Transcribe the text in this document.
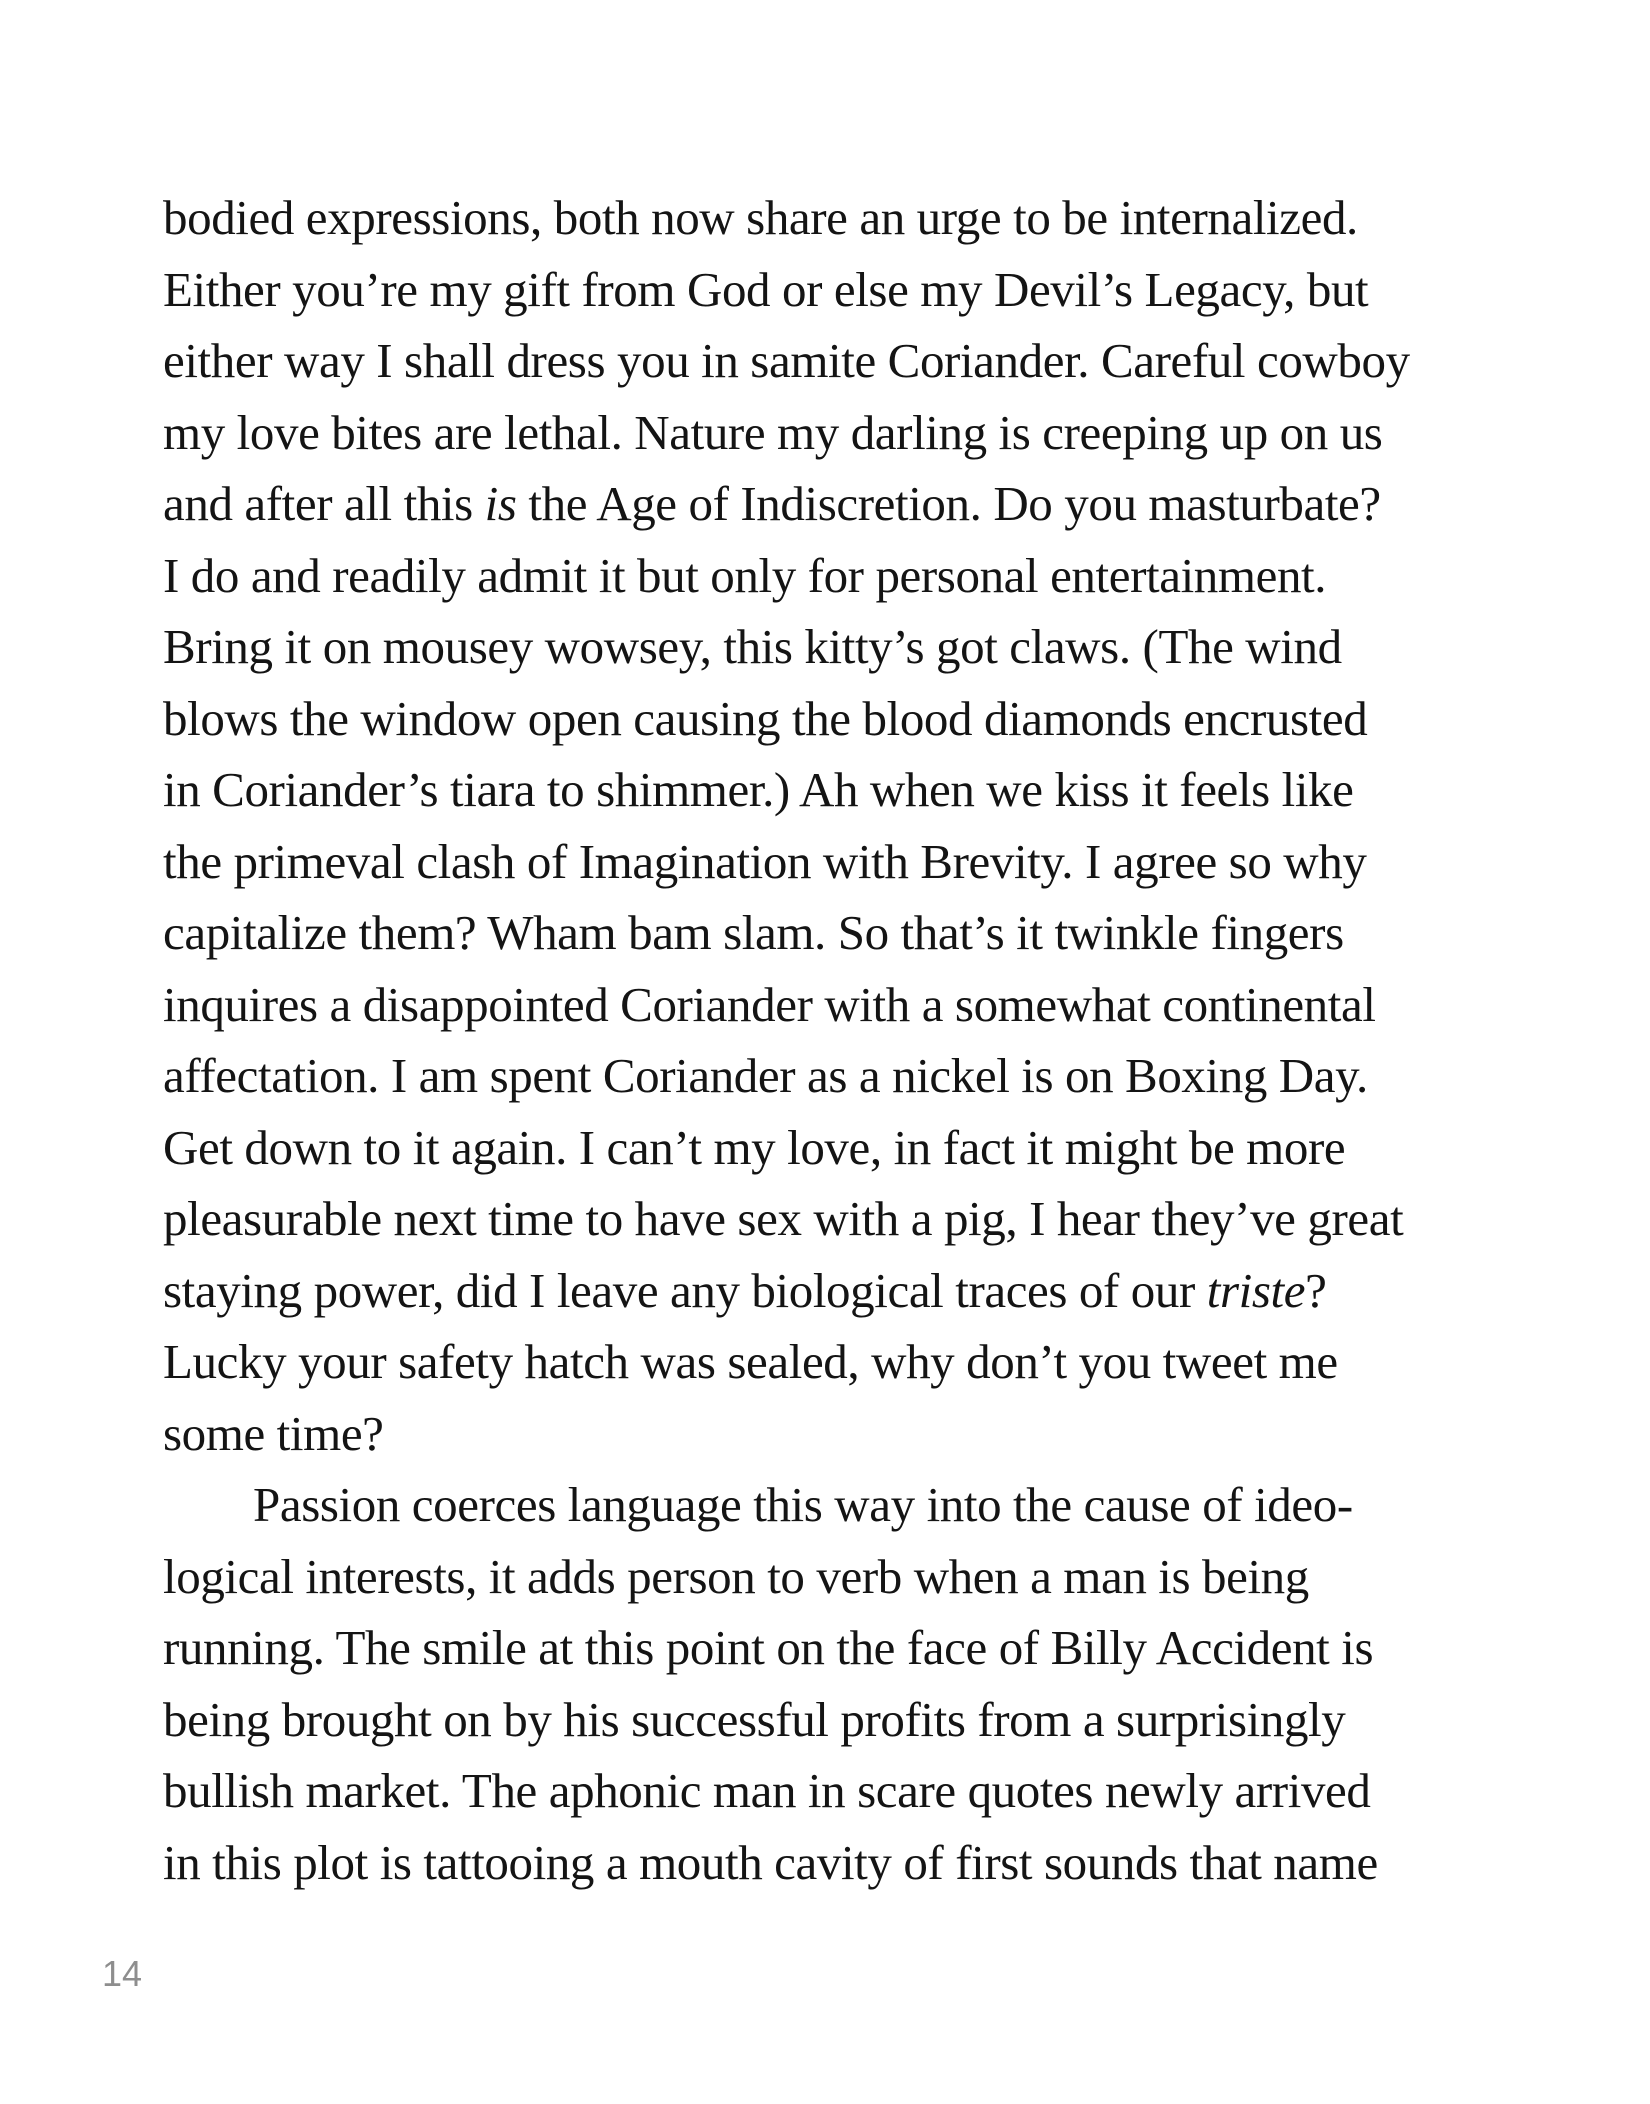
bodied expressions, both now share an urge to be internalized.
Either you’re my gift from God or else my Devil’s Legacy, but
either way I shall dress you in samite Coriander. Careful cowboy
my love bites are lethal. Nature my darling is creeping up on us
and after all this is the Age of Indiscretion. Do you masturbate?
I do and readily admit it but only for personal entertainment.
Bring it on mousey wowsey, this kitty’s got claws. (The wind
blows the window open causing the blood diamonds encrusted
in Coriander’s tiara to shimmer.) Ah when we kiss it feels like
the primeval clash of Imagination with Brevity. I agree so why
capitalize them? Wham bam slam. So that’s it twinkle fingers
inquires a disappointed Coriander with a somewhat continental
affectation. I am spent Coriander as a nickel is on Boxing Day.
Get down to it again. I can’t my love, in fact it might be more
pleasurable next time to have sex with a pig, I hear they’ve great
staying power, did I leave any biological traces of our triste?
Lucky your safety hatch was sealed, why don’t you tweet me
some time?
Passion coerces language this way into the cause of ideo-
logical interests, it adds person to verb when a man is being
running. The smile at this point on the face of Billy Accident is
being brought on by his successful profits from a surprisingly
bullish market. The aphonic man in scare quotes newly arrived
in this plot is tattooing a mouth cavity of first sounds that name
14
